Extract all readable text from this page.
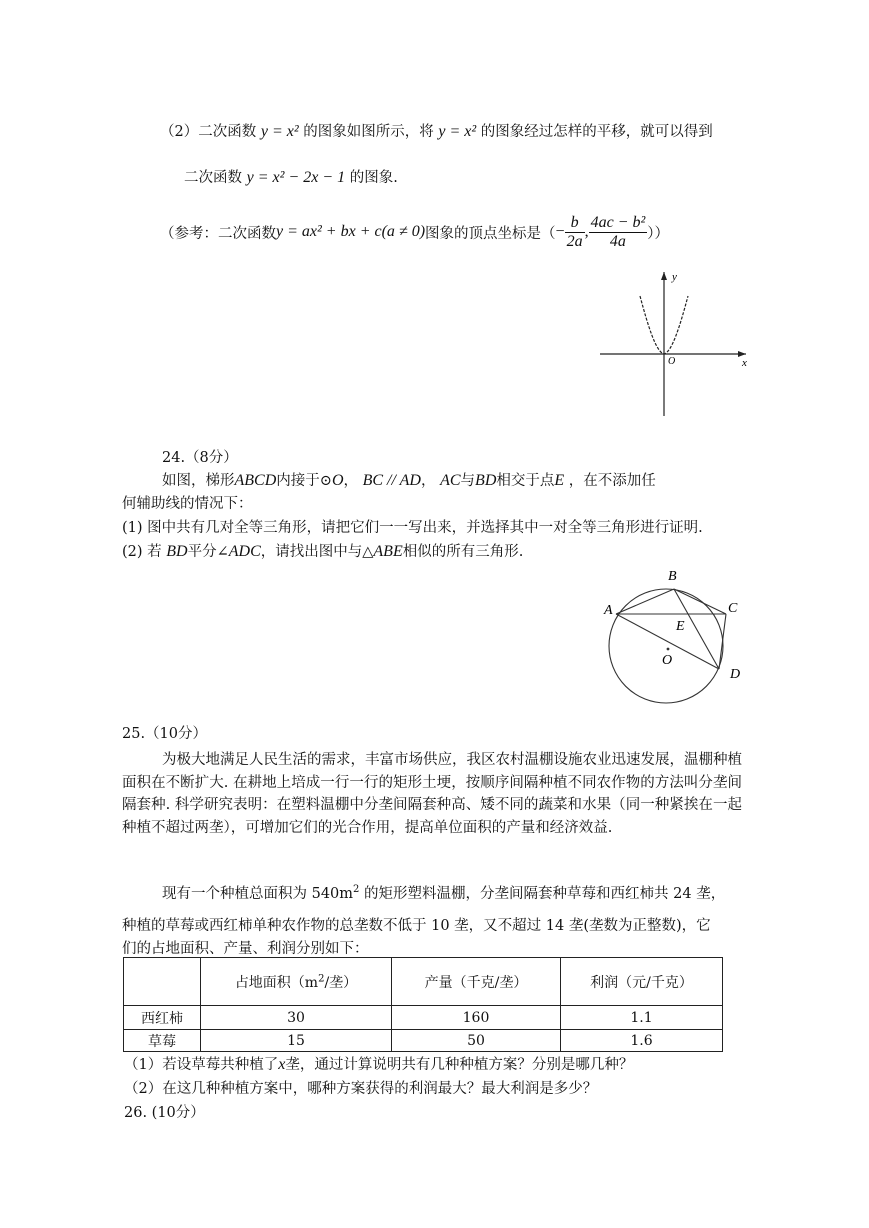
（2）二次函数 y = x² 的图象如图所示，将 y = x² 的图象经过怎样的平移，就可以得到
二次函数 y = x² − 2x − 1 的图象.
（参考：二次函数 y = ax² + bx + c(a ≠ 0) 图象的顶点坐标是（ − $\frac{b}{2a}$ , $\frac{\text{4ac − b²}}{4a}$ ））
y
x
O
24.（8分）
如图，梯形ABCD内接于⊙O， BC // AD， AC与BD相交于点E ，在不添加任
何辅助线的情况下：
(1) 图中共有几对全等三角形，请把它们一一写出来，并选择其中一对全等三角形进行证明.
(2) 若 BD平分∠ADC，请找出图中与△ABE相似的所有三角形.
A
B
C
D
E
O
25.（10分）
为极大地满足人民生活的需求，丰富市场供应，我区农村温棚设施农业迅速发展，温棚种植面积在不断扩大. 在耕地上培成一行一行的矩形土埂，按顺序间隔种植不同农作物的方法叫分垄间隔套种. 科学研究表明：在塑料温棚中分垄间隔套种高、矮不同的蔬菜和水果（同一种紧挨在一起种植不超过两垄），可增加它们的光合作用，提高单位面积的产量和经济效益.
现有一个种植总面积为 $540m^2$ 的矩形塑料温棚，分垄间隔套种草莓和西红柿共 24 垄，
种植的草莓或西红柿单种农作物的总垄数不低于 10 垄，又不超过 14 垄(垄数为正整数)，它
们的占地面积、产量、利润分别如下：
	占地面积（$m^2/$垄）	产量（千克/垄）	利润（元/千克）
西红柿	30	160	1.1
草莓	15	50	1.6
（1）若设草莓共种植了x垄，通过计算说明共有几种种植方案？分别是哪几种？
（2）在这几种种植方案中，哪种方案获得的利润最大？最大利润是多少？
26. (10分）
